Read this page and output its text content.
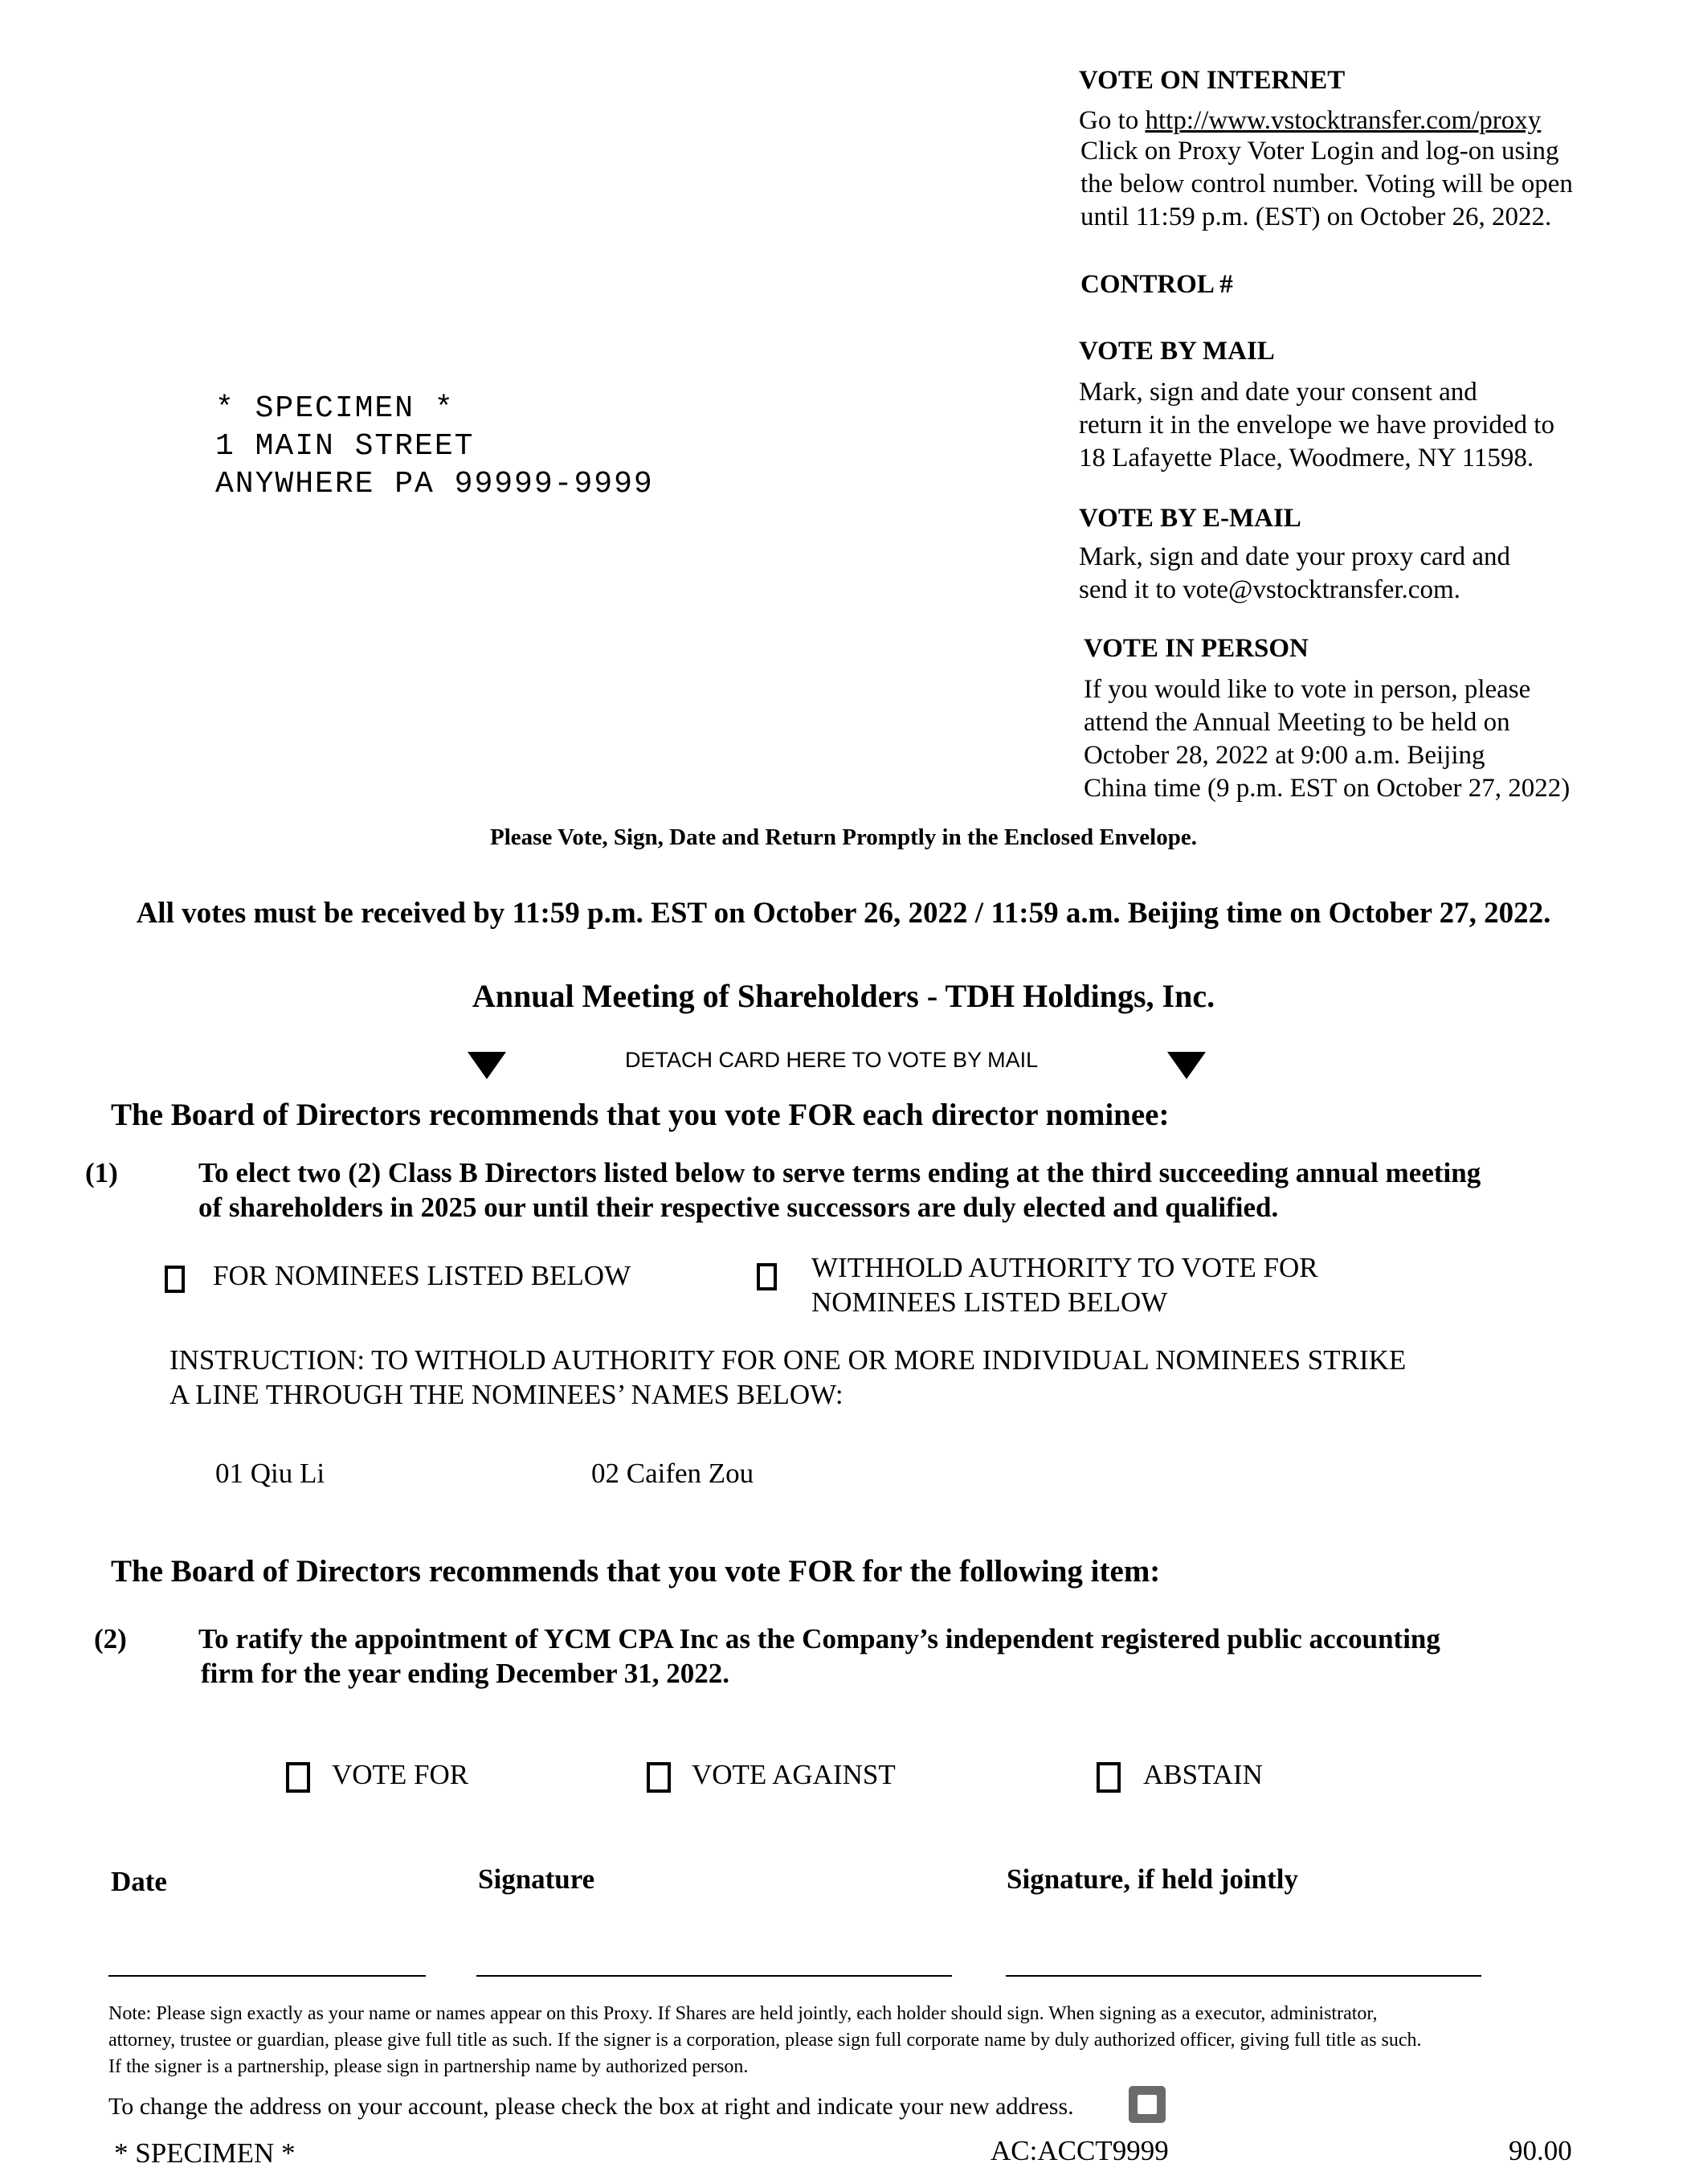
VOTE ON INTERNET
Go to http://www.vstocktransfer.com/proxy
Click on Proxy Voter Login and log-on using
the below control number. Voting will be open
until 11:59 p.m. (EST) on October 26, 2022.
CONTROL #
VOTE BY MAIL
Mark, sign and date your consent and
return it in the envelope we have provided to
18 Lafayette Place, Woodmere, NY 11598.
VOTE BY E-MAIL
Mark, sign and date your proxy card and
send it to vote@vstocktransfer.com.
VOTE IN PERSON
If you would like to vote in person, please
attend the Annual Meeting to be held on
October 28, 2022 at 9:00 a.m. Beijing
China time (9 p.m. EST on October 27, 2022)
* SPECIMEN *
1 MAIN STREET
ANYWHERE PA 99999-9999
Please Vote, Sign, Date and Return Promptly in the Enclosed Envelope.
All votes must be received by 11:59 p.m. EST on October 26, 2022 / 11:59 a.m. Beijing time on October 27, 2022.
Annual Meeting of Shareholders - TDH Holdings, Inc.
DETACH CARD HERE TO VOTE BY MAIL
The Board of Directors recommends that you vote FOR each director nominee:
(1)	To elect two (2) Class B Directors listed below to serve terms ending at the third succeeding annual meeting
of shareholders in 2025 our until their respective successors are duly elected and qualified.
FOR NOMINEES LISTED BELOW	WITHHOLD AUTHORITY TO VOTE FOR
NOMINEES LISTED BELOW
INSTRUCTION: TO WITHOLD AUTHORITY FOR ONE OR MORE INDIVIDUAL NOMINEES STRIKE
A LINE THROUGH THE NOMINEES’ NAMES BELOW:
01 Qiu Li	02 Caifen Zou
The Board of Directors recommends that you vote FOR for the following item:
(2)	To ratify the appointment of YCM CPA Inc as the Company’s independent registered public accounting
firm for the year ending December 31, 2022.
VOTE FOR	VOTE AGAINST	ABSTAIN
Date	Signature	Signature, if held jointly
Note: Please sign exactly as your name or names appear on this Proxy. If Shares are held jointly, each holder should sign. When signing as a executor, administrator,
attorney, trustee or guardian, please give full title as such. If the signer is a corporation, please sign full corporate name by duly authorized officer, giving full title as such.
If the signer is a partnership, please sign in partnership name by authorized person.
To change the address on your account, please check the box at right and indicate your new address.
* SPECIMEN *	AC:ACCT9999	90.00
